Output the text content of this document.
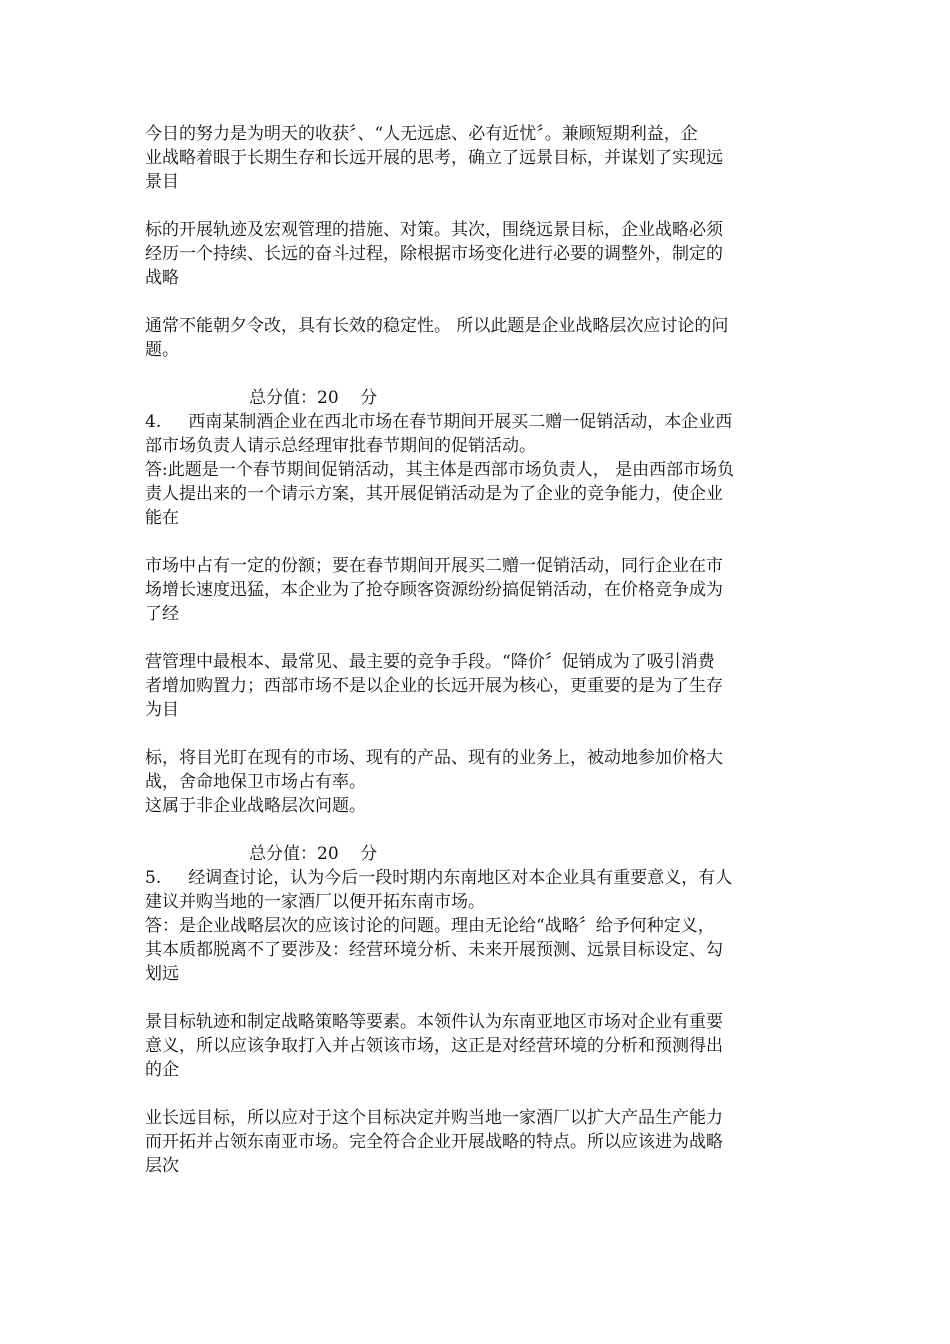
今日的努力是为明天的收获〞、“人无远虑、必有近忧〞。兼顾短期利益，企

业战略着眼于长期生存和长远开展的思考，确立了远景目标，并谋划了实现远

景目

标的开展轨迹及宏观管理的措施、对策。其次，围绕远景目标，企业战略必须

经历一个持续、长远的奋斗过程，除根据市场变化进行必要的调整外，制定的

战略

通常不能朝夕令改，具有长效的稳定性。 所以此题是企业战略层次应讨论的问

题。

总分值：20    分

4.     西南某制酒企业在西北市场在春节期间开展买二赠一促销活动，本企业西

部市场负责人请示总经理审批春节期间的促销活动。

答:此题是一个春节期间促销活动，其主体是西部市场负责人， 是由西部市场负

责人提出来的一个请示方案，其开展促销活动是为了企业的竞争能力，使企业

能在

市场中占有一定的份额；要在春节期间开展买二赠一促销活动，同行企业在市

场增长速度迅猛，本企业为了抢夺顾客资源纷纷搞促销活动，在价格竞争成为

了经

营管理中最根本、最常见、最主要的竞争手段。“降价〞促销成为了吸引消费

者增加购置力；西部市场不是以企业的长远开展为核心，更重要的是为了生存

为目

标，将目光盯在现有的市场、现有的产品、现有的业务上，被动地参加价格大

战，舍命地保卫市场占有率。

这属于非企业战略层次问题。

总分值：20    分

5.     经调查讨论，认为今后一段时期内东南地区对本企业具有重要意义，有人

建议并购当地的一家酒厂以便开拓东南市场。

答：是企业战略层次的应该讨论的问题。理由无论给“战略〞给予何种定义，

其本质都脱离不了要涉及：经营环境分析、未来开展预测、远景目标设定、勾

划远

景目标轨迹和制定战略策略等要素。本领件认为东南亚地区市场对企业有重要

意义，所以应该争取打入并占领该市场，这正是对经营环境的分析和预测得出

的企

业长远目标，所以应对于这个目标决定并购当地一家酒厂以扩大产品生产能力

而开拓并占领东南亚市场。完全符合企业开展战略的特点。所以应该进为战略

层次
